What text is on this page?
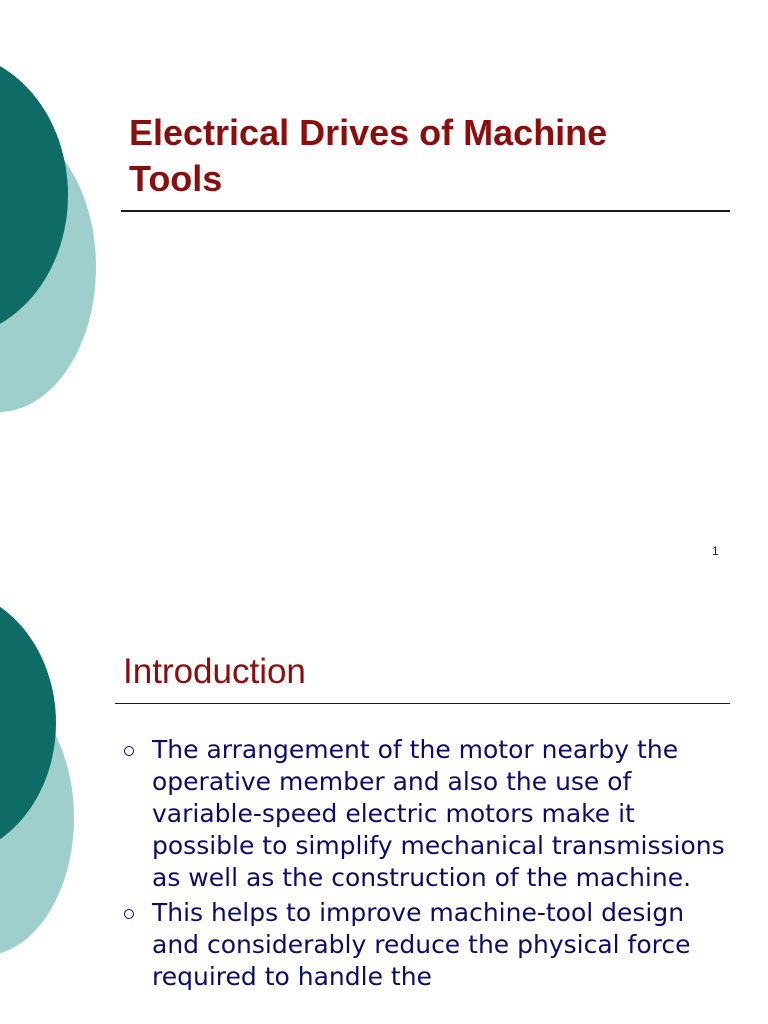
Electrical Drives of Machine Tools
1
Introduction
The arrangement of the motor nearby the operative member and also the use of variable-speed electric motors make it possible to simplify mechanical transmissions as well as the construction of the machine.
This helps to improve machine-tool design and considerably reduce the physical force required to handle the
